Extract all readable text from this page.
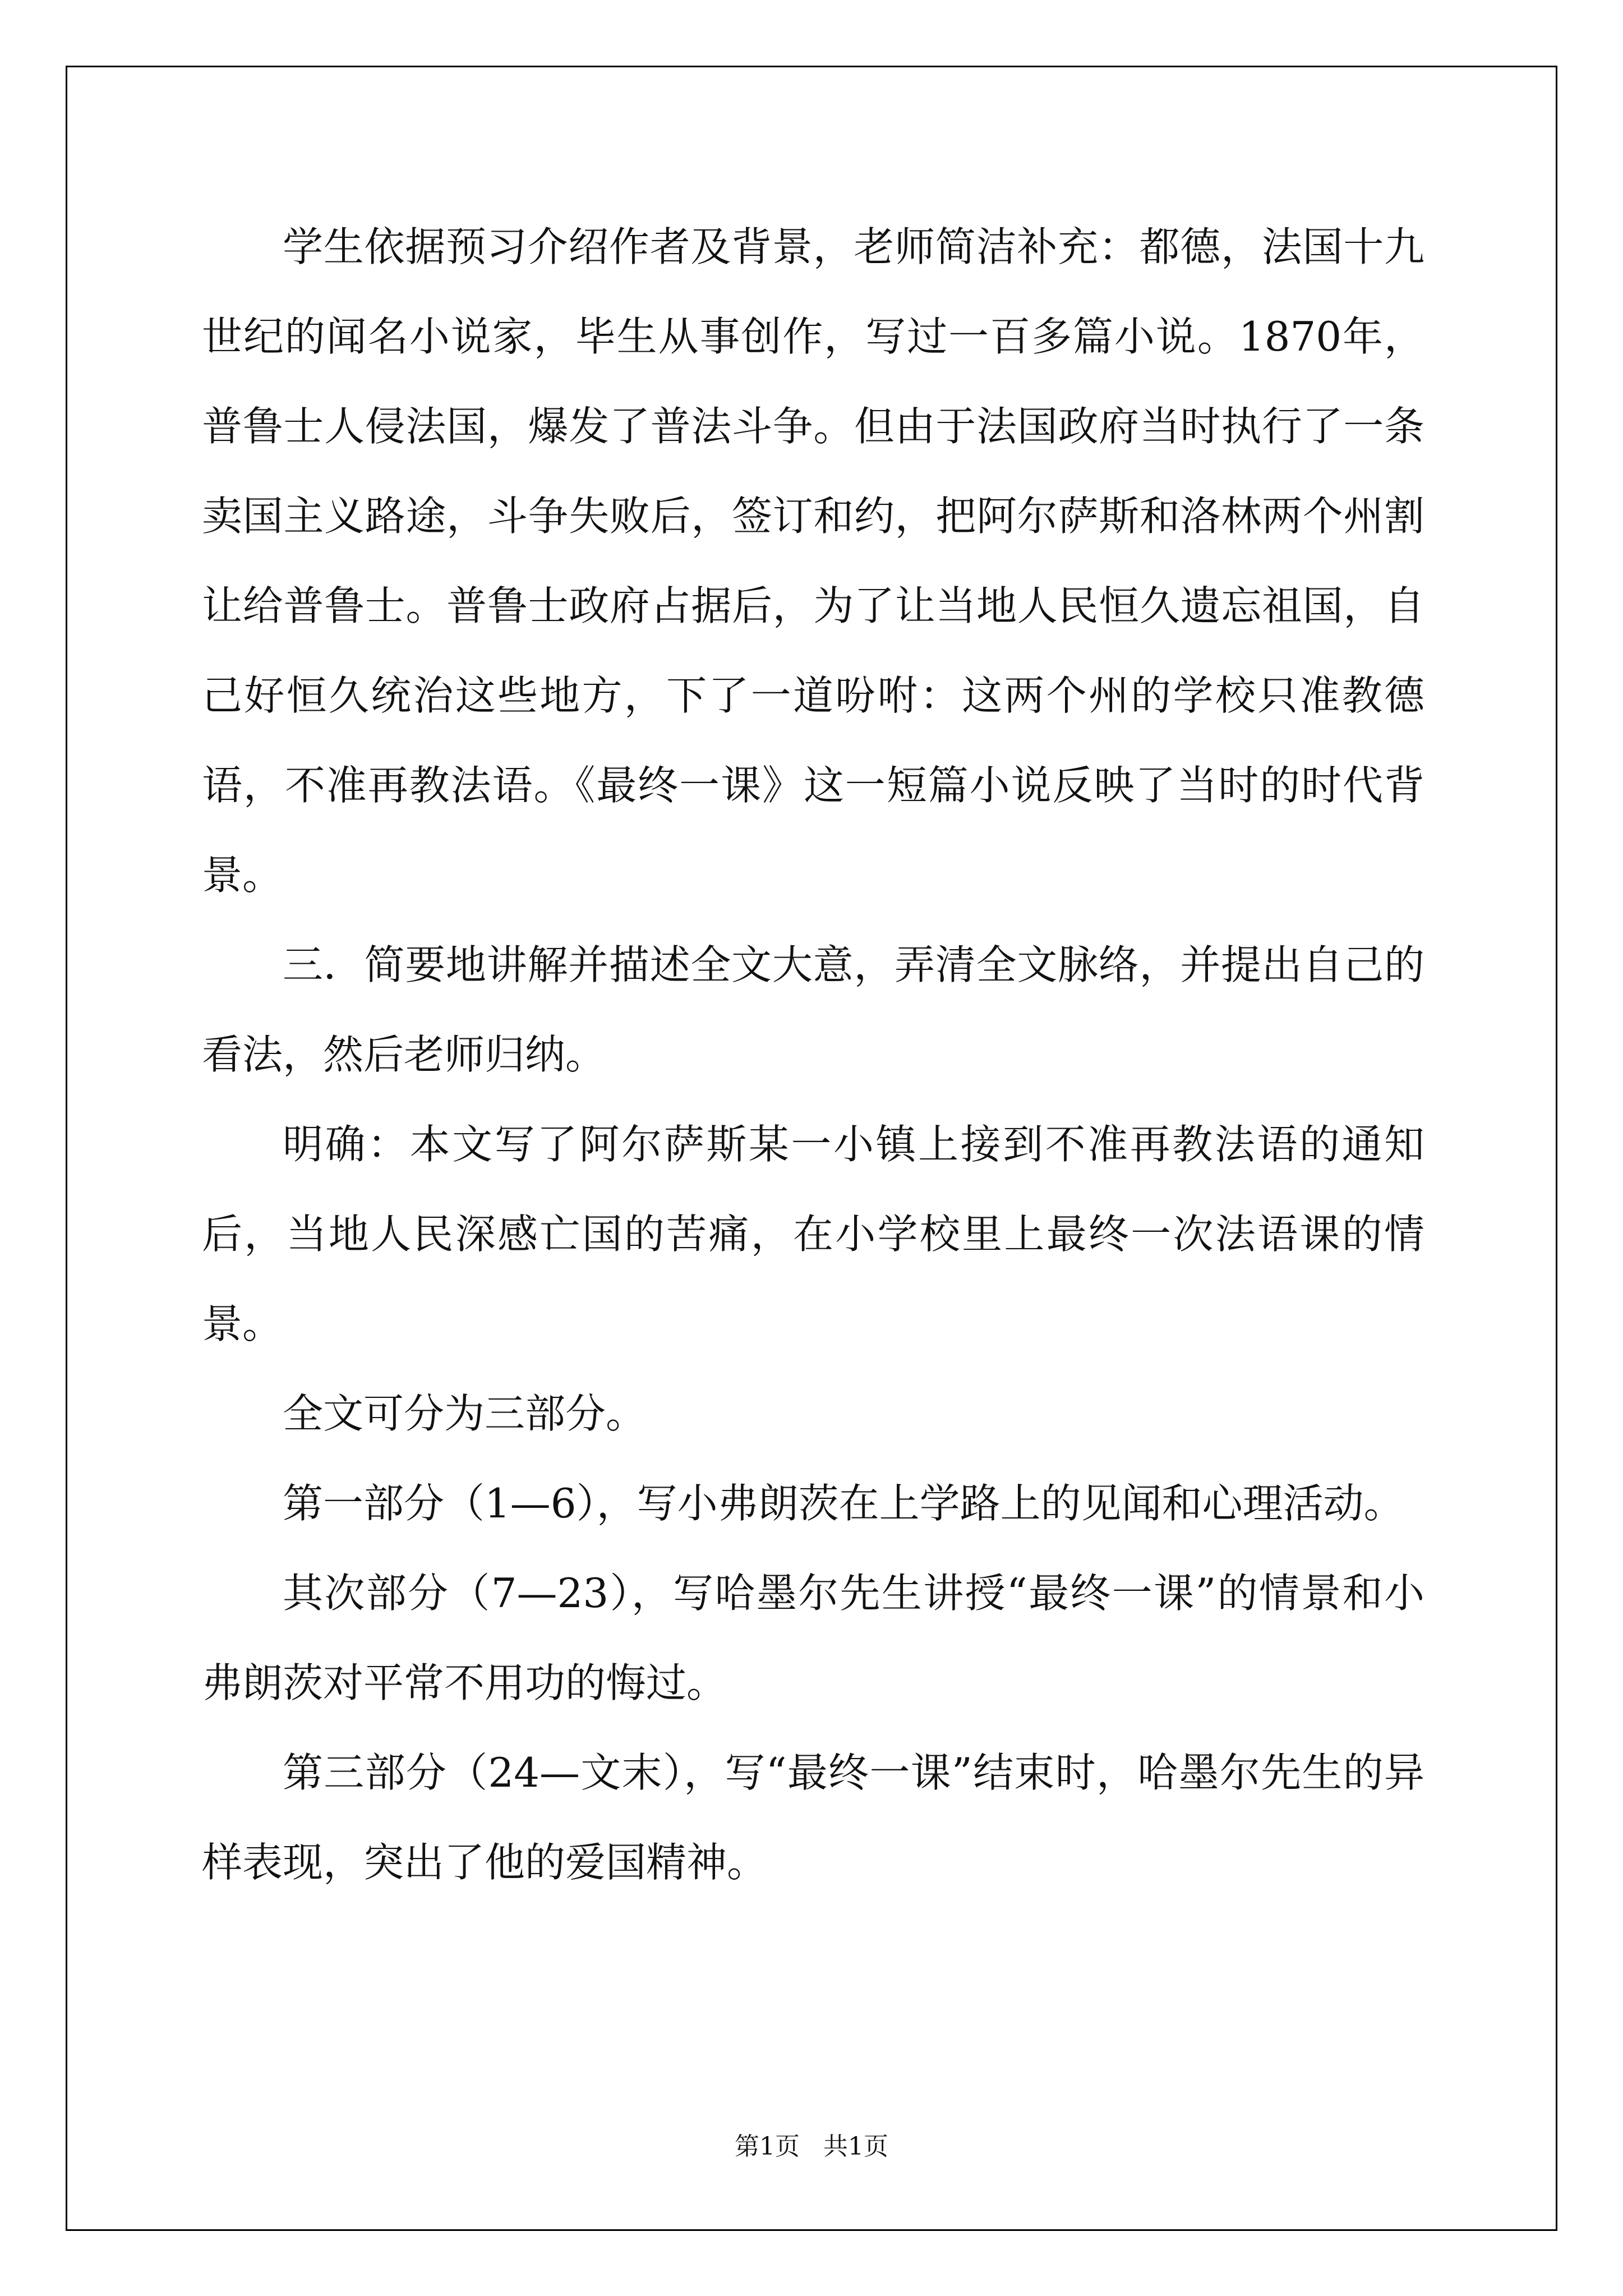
学生依据预习介绍作者及背景，老师简洁补充：都德，法国十九世纪的闻名小说家，毕生从事创作，写过一百多篇小说。1870年，普鲁士人侵法国，爆发了普法斗争。但由于法国政府当时执行了一条卖国主义路途，斗争失败后，签订和约，把阿尔萨斯和洛林两个州割让给普鲁士。普鲁士政府占据后，为了让当地人民恒久遗忘祖国，自己好恒久统治这些地方，下了一道吩咐：这两个州的学校只准教德语，不准再教法语。《最终一课》这一短篇小说反映了当时的时代背景。

三．简要地讲解并描述全文大意，弄清全文脉络，并提出自己的看法，然后老师归纳。

明确：本文写了阿尔萨斯某一小镇上接到不准再教法语的通知后，当地人民深感亡国的苦痛，在小学校里上最终一次法语课的情景。

全文可分为三部分。

第一部分（1—6），写小弗朗茨在上学路上的见闻和心理活动。

其次部分（7—23），写哈墨尔先生讲授“最终一课”的情景和小弗朗茨对平常不用功的悔过。

第三部分（24—文末），写“最终一课”结束时，哈墨尔先生的异样表现，突出了他的爱国精神。

第1页 共1页
